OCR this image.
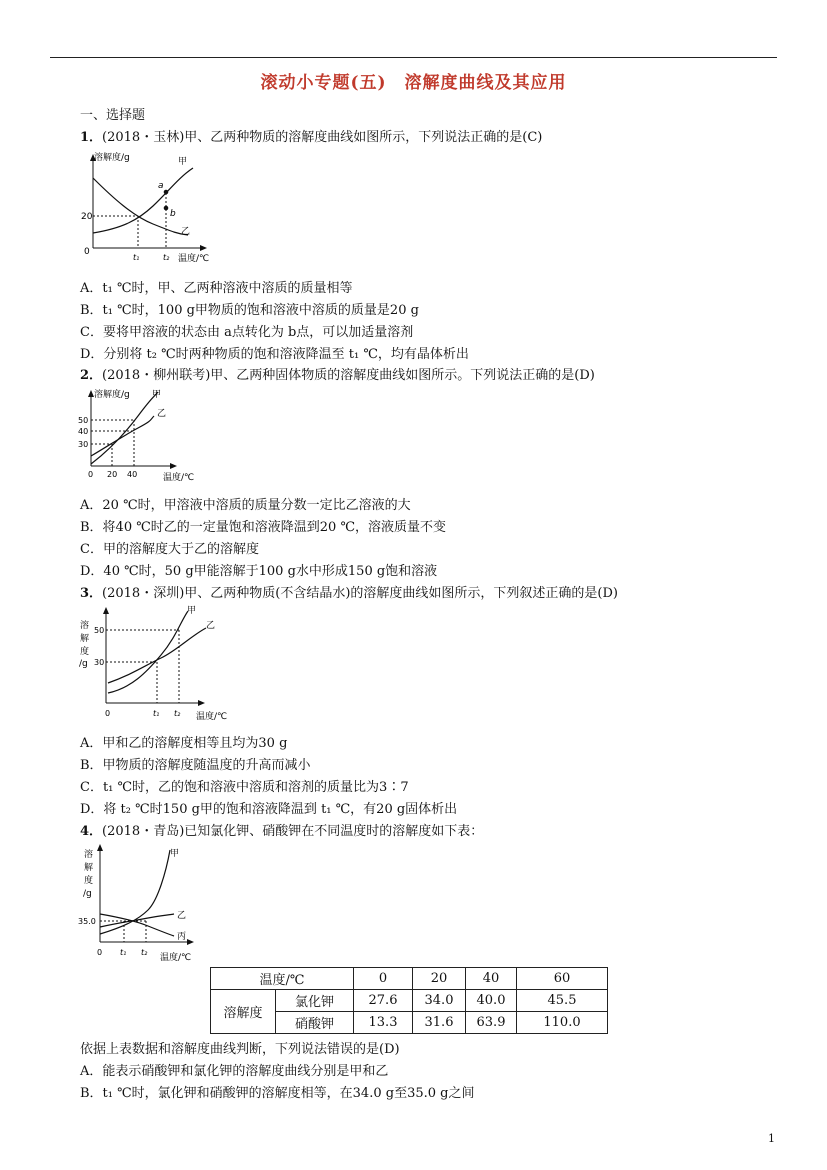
滚动小专题(五)　溶解度曲线及其应用
一、选择题
1．(2018・玉林)甲、乙两种物质的溶解度曲线如图所示，下列说法正确的是(C)
溶解度/g
温度/℃
20
0
t₁	t₂
a
b
甲
乙
A．t₁ ℃时，甲、乙两种溶液中溶质的质量相等
B．t₁ ℃时，100 g甲物质的饱和溶液中溶质的质量是20 g
C．要将甲溶液的状态由 a点转化为 b点，可以加适量溶剂
D．分别将 t₂ ℃时两种物质的饱和溶液降温至 t₁ ℃，均有晶体析出
2．(2018・柳州联考)甲、乙两种固体物质的溶解度曲线如图所示。下列说法正确的是(D)
溶解度/g
温度/℃
50
40
30
0 20 40
甲
乙
A．20 ℃时，甲溶液中溶质的质量分数一定比乙溶液的大
B．将40 ℃时乙的一定量饱和溶液降温到20 ℃，溶液质量不变
C．甲的溶解度大于乙的溶解度
D．40 ℃时，50 g甲能溶解于100 g水中形成150 g饱和溶液
3．(2018・深圳)甲、乙两种物质(不含结晶水)的溶解度曲线如图所示，下列叙述正确的是(D)
溶
解
度
/g
50
30
0	t₁ t₂ 温度/℃
甲
乙
A．甲和乙的溶解度相等且均为30 g
B．甲物质的溶解度随温度的升高而减小
C．t₁ ℃时，乙的饱和溶液中溶质和溶剂的质量比为3∶7
D．将 t₂ ℃时150 g甲的饱和溶液降温到 t₁ ℃，有20 g固体析出
4．(2018・青岛)已知氯化钾、硝酸钾在不同温度时的溶解度如下表：
溶
解
度
/g
35.0
0 t₁ t₂
温度/℃
甲
乙
丙
温度/℃		0	20	40	60
溶解度	氯化钾	27.6	34.0	40.0	45.5
	硝酸钾	13.3	31.6	63.9	110.0
依据上表数据和溶解度曲线判断，下列说法错误的是(D)
A．能表示硝酸钾和氯化钾的溶解度曲线分别是甲和乙
B．t₁ ℃时，氯化钾和硝酸钾的溶解度相等，在34.0 g至35.0 g之间
1
